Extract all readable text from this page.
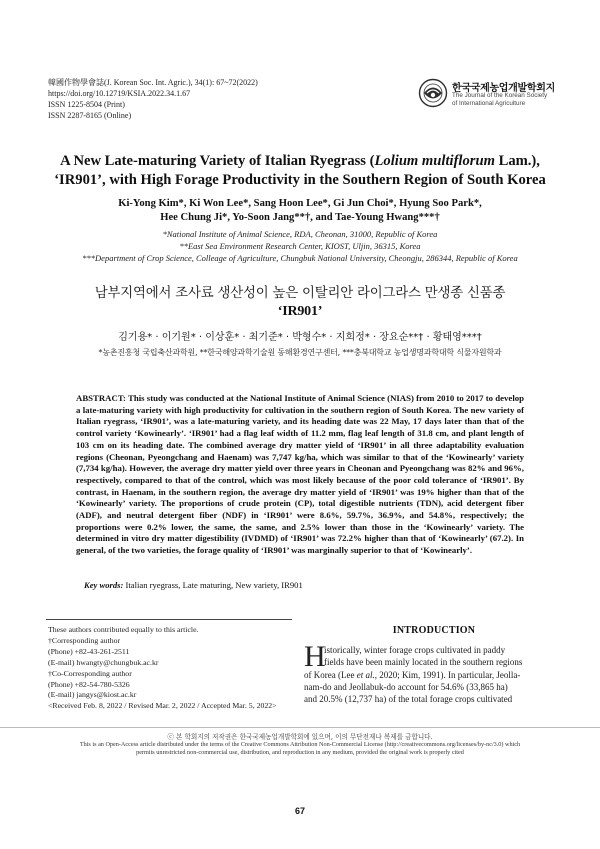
韓國作物學會誌(J. Korean Soc. Int. Agric.), 34(1): 67~72(2022)
https://doi.org/10.12719/KSIA.2022.34.1.67
ISSN 1225-8504 (Print)
ISSN 2287-8165 (Online)
한국국제농업개발학회지
The Journal of the Korean Society
of International Agriculture
A New Late-maturing Variety of Italian Ryegrass (Lolium multiflorum Lam.),
‘IR901’, with High Forage Productivity in the Southern Region of South Korea
Ki-Yong Kim*, Ki Won Lee*, Sang Hoon Lee*, Gi Jun Choi*, Hyung Soo Park*,
Hee Chung Ji*, Yo-Soon Jang**†, and Tae-Young Hwang***†
*National Institute of Animal Science, RDA, Cheonan, 31000, Republic of Korea
**East Sea Environment Research Center, KIOST, Uljin, 36315, Korea
***Department of Crop Science, Colleage of Agriculture, Chungbuk National University, Cheongju, 286344, Republic of Korea
남부지역에서 조사료 생산성이 높은 이탈리안 라이그라스 만생종 신품종
‘IR901’
김기용* · 이기원* · 이상훈* · 최기준* · 박형수* · 지희정* · 장요순**† · 황태영***†
*농촌진흥청 국립축산과학원, **한국해양과학기술원 동해환경연구센터, ***충북대학교 농업생명과학대학 식물자원학과
ABSTRACT: This study was conducted at the National Institute of Animal Science (NIAS) from 2010 to 2017 to develop a late-maturing variety with high productivity for cultivation in the southern region of South Korea. The new variety of Italian ryegrass, ‘IR901’, was a late-maturing variety, and its heading date was 22 May, 17 days later than that of the control variety ‘Kowinearly’. ‘IR901’ had a flag leaf width of 11.2 mm, flag leaf length of 31.8 cm, and plant length of 103 cm on its heading date. The combined average dry matter yield of ‘IR901’ in all three adaptability evaluation regions (Cheonan, Pyeongchang and Haenam) was 7,747 kg/ha, which was similar to that of the ‘Kowinearly’ variety (7,734 kg/ha). However, the average dry matter yield over three years in Cheonan and Pyeongchang was 82% and 96%, respectively, compared to that of the control, which was most likely because of the poor cold tolerance of ‘IR901’. By contrast, in Haenam, in the southern region, the average dry matter yield of ‘IR901’ was 19% higher than that of the ‘Kowinearly’ variety. The proportions of crude protein (CP), total digestible nutrients (TDN), acid detergent fiber (ADF), and neutral detergent fiber (NDF) in ‘IR901’ were 8.6%, 59.7%, 36.9%, and 54.8%, respectively; the proportions were 0.2% lower, the same, the same, and 2.5% lower than those in the ‘Kowinearly’ variety. The determined in vitro dry matter digestibility (IVDMD) of ‘IR901’ was 72.2% higher than that of ‘Kowinearly’ (67.2). In general, of the two varieties, the forage quality of ‘IR901’ was marginally superior to that of ‘Kowinearly’.
Key words: Italian ryegrass, Late maturing, New variety, IR901
These authors contributed equally to this article.
†Corresponding author
(Phone) +82-43-261-2511
(E-mail) hwangty@chungbuk.ac.kr
†Co-Corresponding author
(Phone) +82-54-780-5326
(E-mail) jangys@kiost.ac.kr
<Received Feb. 8, 2022 / Revised Mar. 2, 2022 / Accepted Mar. 5, 2022>
INTRODUCTION
H
istorically, winter forage crops cultivated in paddy
fields have been mainly located in the southern regions
of Korea (Lee et al., 2020; Kim, 1991). In particular, Jeolla-
nam-do and Jeollabuk-do account for 54.6% (33,865 ha)
and 20.5% (12,737 ha) of the total forage crops cultivated
ⓒ 본 학회지의 저작권은 한국국제농업개발학회에 있으며, 이의 무단전재나 복제를 금합니다.
This is an Open-Access article distributed under the terms of the Creative Commons Attribution Non-Commercial License (http://creativecommons.org/licenses/by-nc/3.0) which
permits unrestricted non-commercial use, distribution, and reproduction in any medium, provided the original work is properly cited
67
